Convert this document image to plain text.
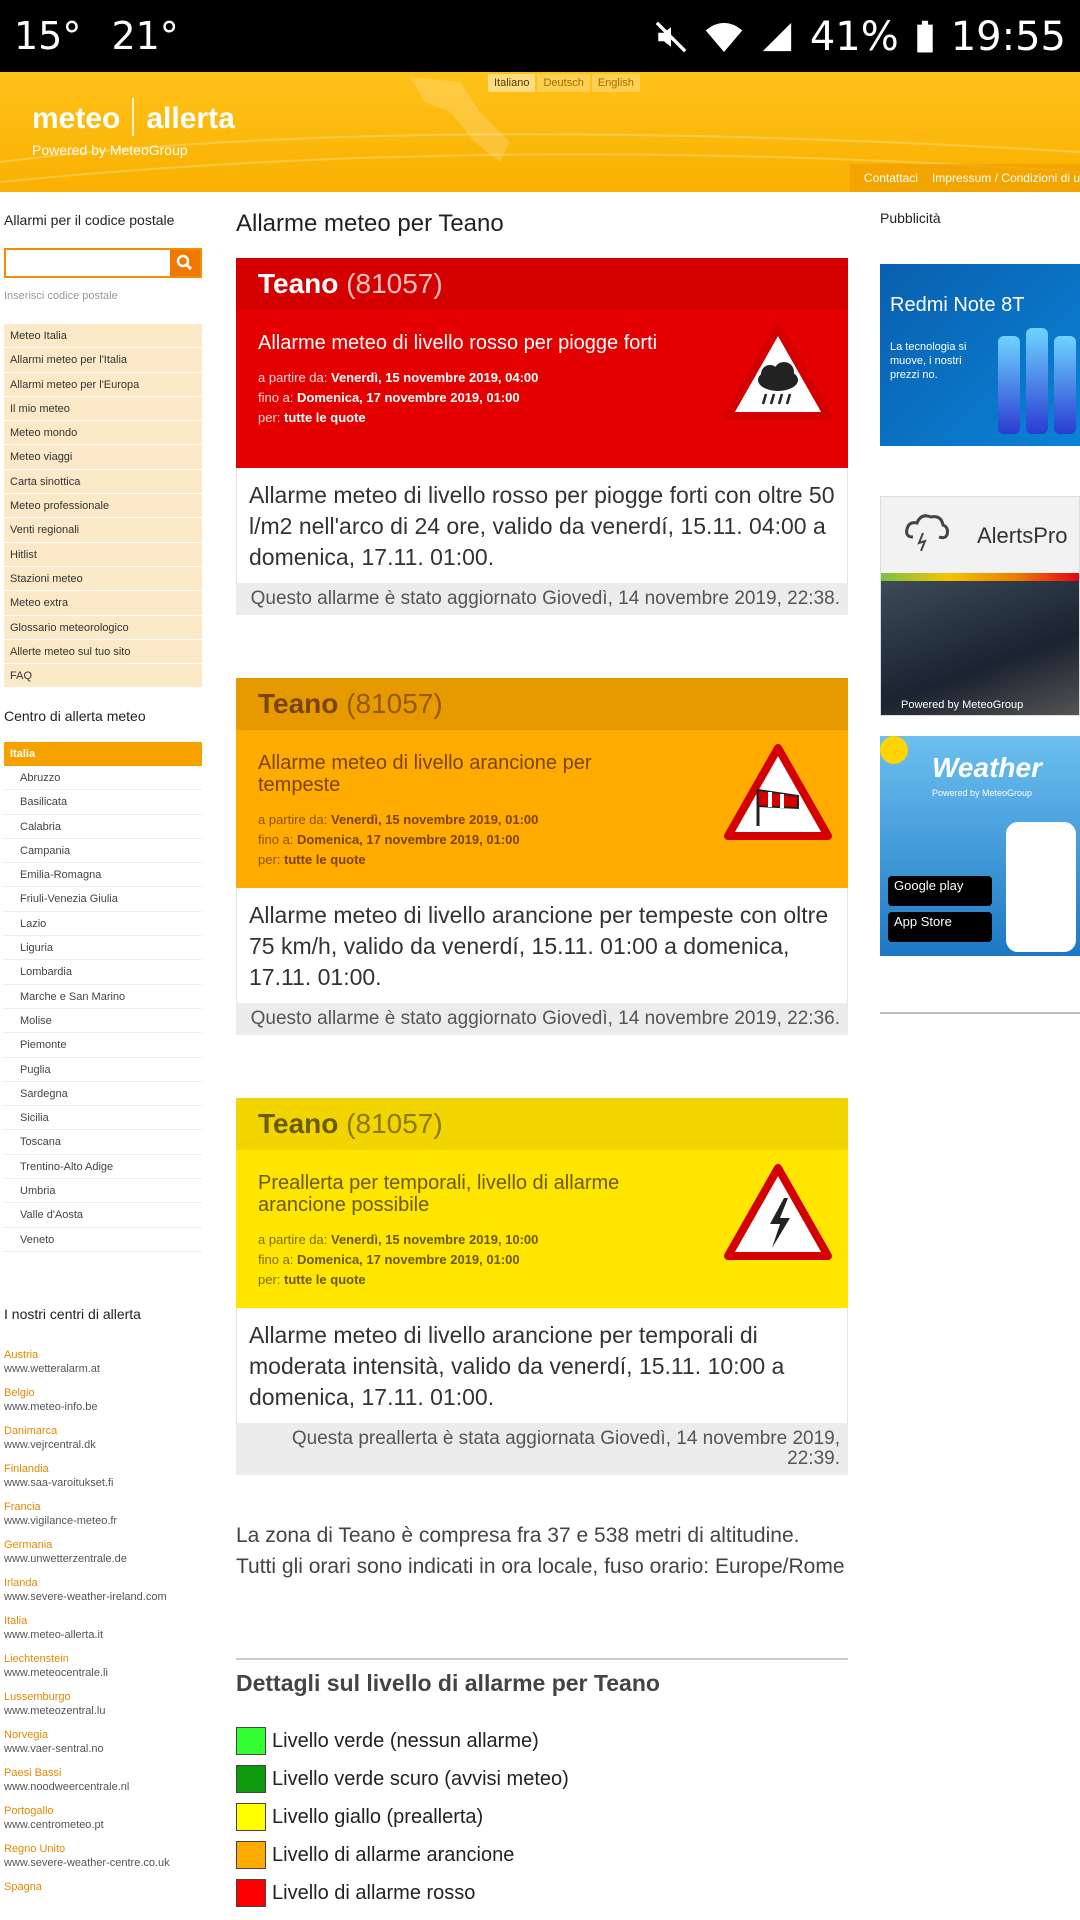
15° 21°	41% 19:55
Italiano	Deutsch	English
meteo allerta
Powered by MeteoGroup
Contattaci Impressum / Condizioni di u
Allarmi per il codice postale
Inserisci codice postale
Meteo Italia
Allarmi meteo per l'Italia
Allarmi meteo per l'Europa
Il mio meteo
Meteo mondo
Meteo viaggi
Carta sinottica
Meteo professionale
Venti regionali
Hitlist
Stazioni meteo
Meteo extra
Glossario meteorologico
Allerte meteo sul tuo sito
FAQ
Centro di allerta meteo
Italia
Abruzzo
Basilicata
Calabria
Campania
Emilia-Romagna
Friuli-Venezia Giulia
Lazio
Liguria
Lombardia
Marche e San Marino
Molise
Piemonte
Puglia
Sardegna
Sicilia
Toscana
Trentino-Alto Adige
Umbria
Valle d'Aosta
Veneto
I nostri centri di allerta
Austria
www.wetteralarm.at
Belgio
www.meteo-info.be
Danimarca
www.vejrcentral.dk
Finlandia
www.saa-varoitukset.fi
Francia
www.vigilance-meteo.fr
Germania
www.unwetterzentrale.de
Irlanda
www.severe-weather-ireland.com
Italia
www.meteo-allerta.it
Liechtenstein
www.meteocentrale.li
Lussemburgo
www.meteozentral.lu
Norvegia
www.vaer-sentral.no
Paesi Bassi
www.noodweercentrale.nl
Portogallo
www.centrometeo.pt
Regno Unito
www.severe-weather-centre.co.uk
Spagna
Allarme meteo per Teano
Teano (81057)
Allarme meteo di livello rosso per piogge forti
a partire da: Venerdì, 15 novembre 2019, 04:00
fino a: Domenica, 17 novembre 2019, 01:00
per: tutte le quote
Allarme meteo di livello rosso per piogge forti con oltre 50 l/m2 nell'arco di 24 ore, valido da venerdí, 15.11. 04:00 a domenica, 17.11. 01:00.
Questo allarme è stato aggiornato Giovedì, 14 novembre 2019, 22:38.
Teano (81057)
Allarme meteo di livello arancione per tempeste
a partire da: Venerdì, 15 novembre 2019, 01:00
fino a: Domenica, 17 novembre 2019, 01:00
per: tutte le quote
Allarme meteo di livello arancione per tempeste con oltre 75 km/h, valido da venerdí, 15.11. 01:00 a domenica, 17.11. 01:00.
Questo allarme è stato aggiornato Giovedì, 14 novembre 2019, 22:36.
Teano (81057)
Preallerta per temporali, livello di allarme arancione possibile
a partire da: Venerdì, 15 novembre 2019, 10:00
fino a: Domenica, 17 novembre 2019, 01:00
per: tutte le quote
Allarme meteo di livello arancione per temporali di moderata intensità, valido da venerdí, 15.11. 10:00 a domenica, 17.11. 01:00.
Questa preallerta è stata aggiornata Giovedì, 14 novembre 2019, 22:39.
La zona di Teano è compresa fra 37 e 538 metri di altitudine.
Tutti gli orari sono indicati in ora locale, fuso orario: Europe/Rome
Dettagli sul livello di allarme per Teano
Livello verde (nessun allarme)
Livello verde scuro (avvisi meteo)
Livello giallo (preallerta)
Livello di allarme arancione
Livello di allarme rosso
Pubblicità
Redmi Note 8T
La tecnologia si muove, i nostri prezzi no.
AlertsPro
Powered by MeteoGroup
Weather
Powered by MeteoGroup
Google play
App Store
